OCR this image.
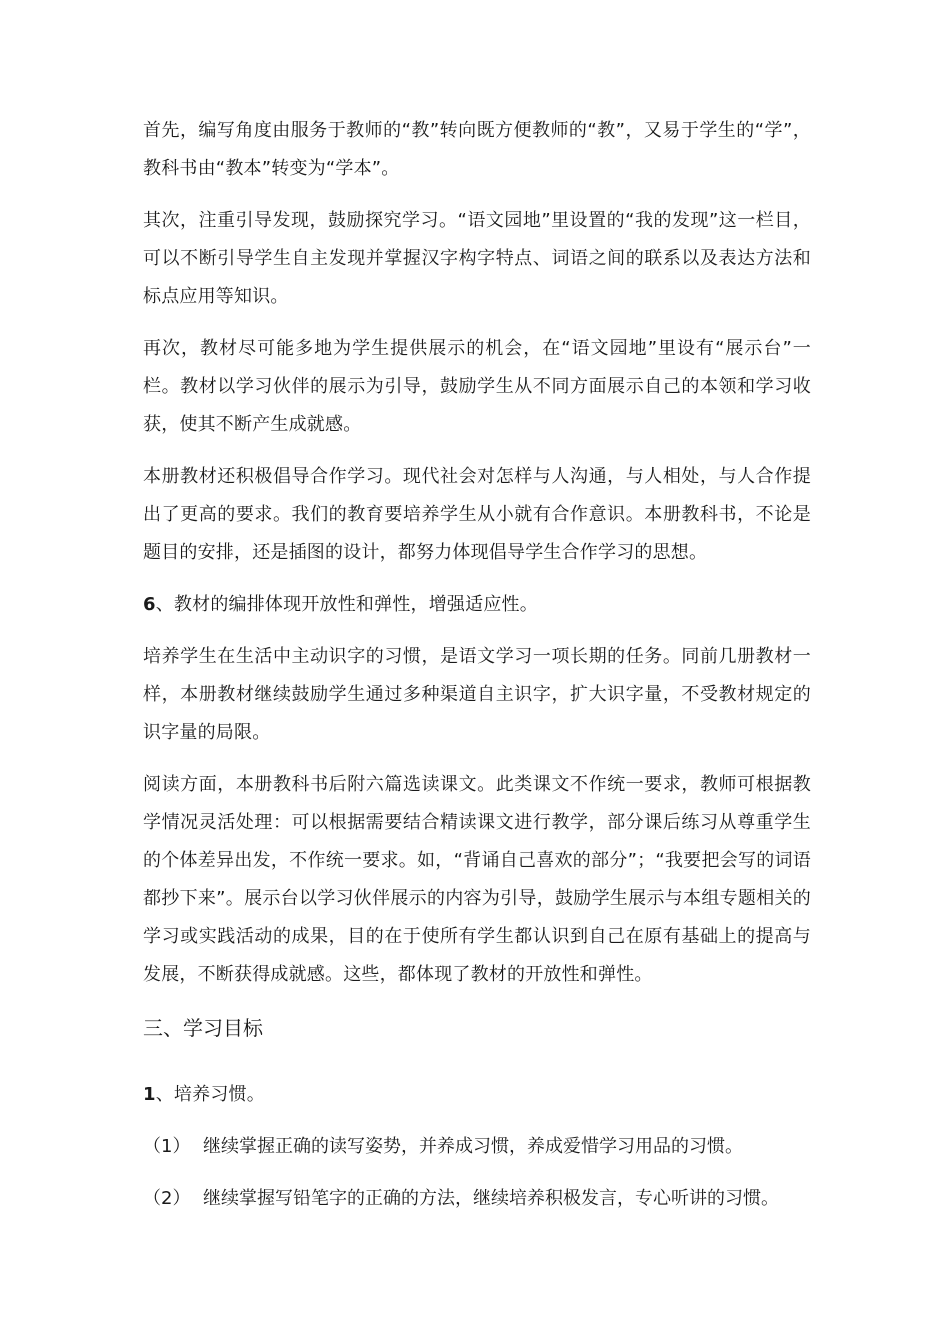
首先，编写角度由服务于教师的“教”转向既方便教师的“教”，又易于学生的“学”，教科书由“教本”转变为“学本”。

其次，注重引导发现，鼓励探究学习。“语文园地”里设置的“我的发现”这一栏目，可以不断引导学生自主发现并掌握汉字构字特点、词语之间的联系以及表达方法和标点应用等知识。

再次，教材尽可能多地为学生提供展示的机会，在“语文园地”里设有“展示台”一栏。教材以学习伙伴的展示为引导，鼓励学生从不同方面展示自己的本领和学习收获，使其不断产生成就感。

本册教材还积极倡导合作学习。现代社会对怎样与人沟通，与人相处，与人合作提出了更高的要求。我们的教育要培养学生从小就有合作意识。本册教科书，不论是题目的安排，还是插图的设计，都努力体现倡导学生合作学习的思想。

6、教材的编排体现开放性和弹性，增强适应性。

培养学生在生活中主动识字的习惯，是语文学习一项长期的任务。同前几册教材一样，本册教材继续鼓励学生通过多种渠道自主识字，扩大识字量，不受教材规定的识字量的局限。

阅读方面，本册教科书后附六篇选读课文。此类课文不作统一要求，教师可根据教学情况灵活处理：可以根据需要结合精读课文进行教学，部分课后练习从尊重学生的个体差异出发，不作统一要求。如，“背诵自己喜欢的部分”；“我要把会写的词语都抄下来”。展示台以学习伙伴展示的内容为引导，鼓励学生展示与本组专题相关的学习或实践活动的成果，目的在于使所有学生都认识到自己在原有基础上的提高与发展，不断获得成就感。这些，都体现了教材的开放性和弹性。

三、学习目标

1、培养习惯。

（1） 继续掌握正确的读写姿势，并养成习惯，养成爱惜学习用品的习惯。

（2） 继续掌握写铅笔字的正确的方法，继续培养积极发言，专心听讲的习惯。
